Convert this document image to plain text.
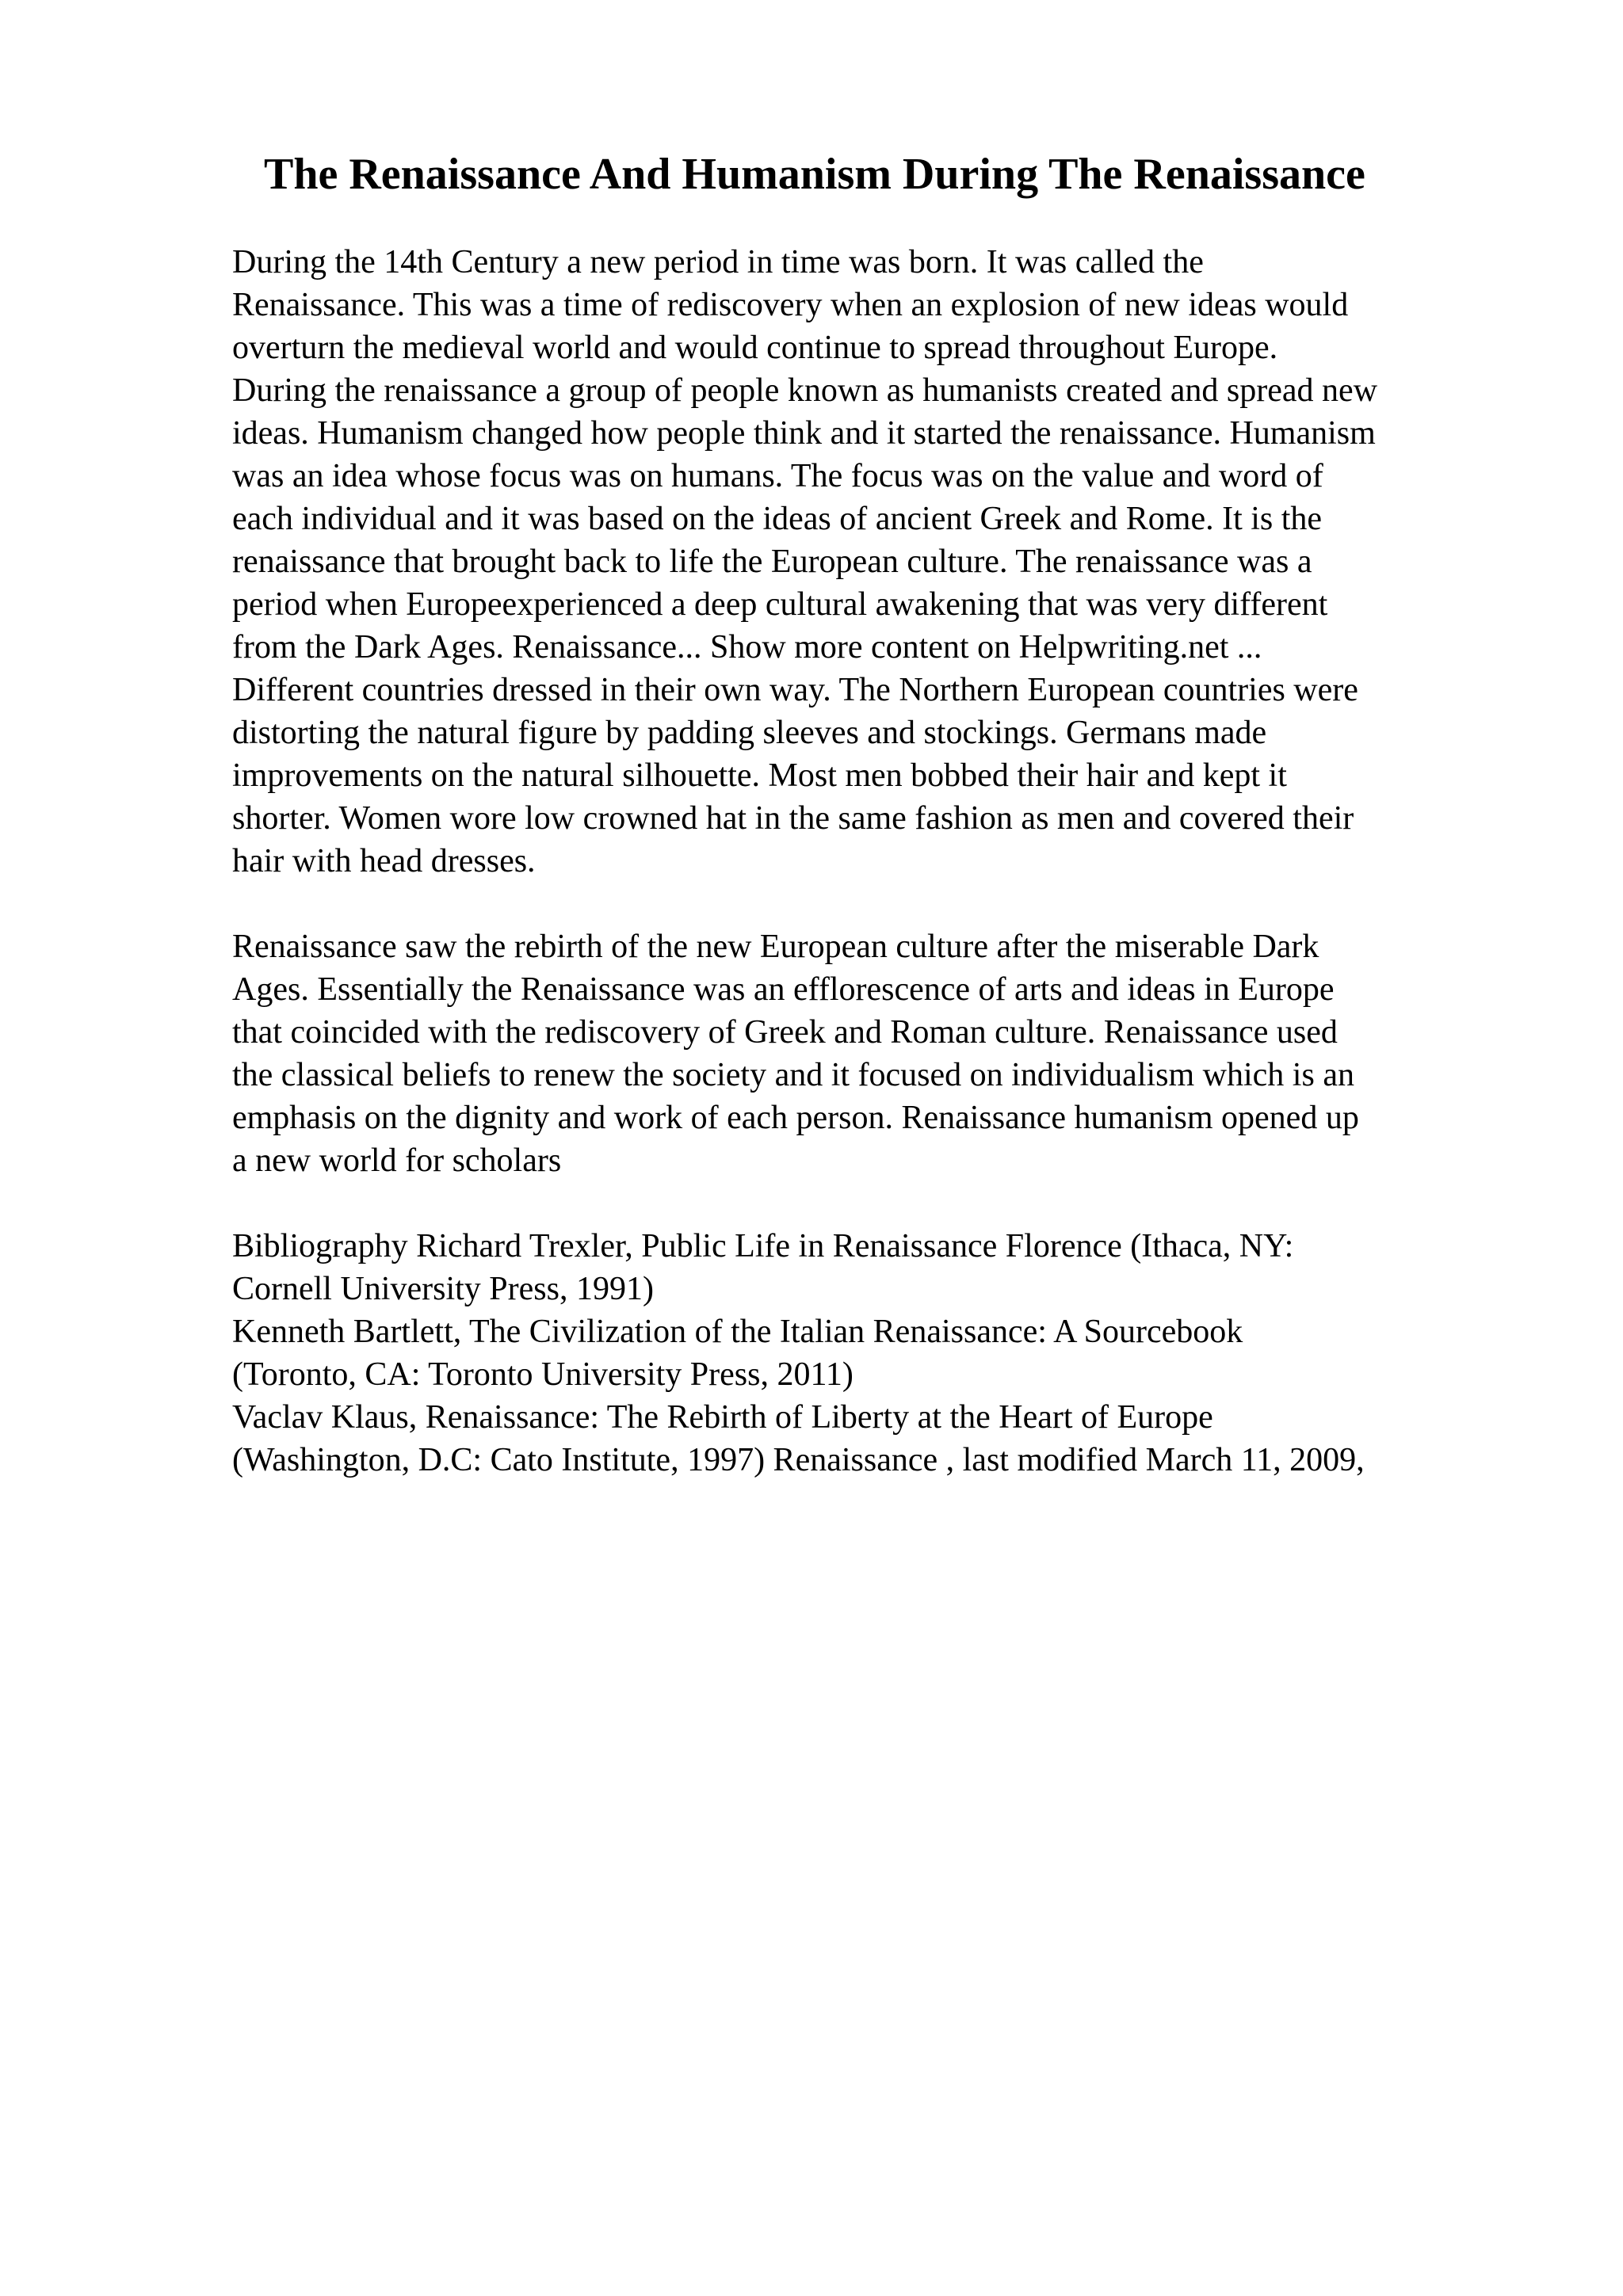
The Renaissance And Humanism During The Renaissance
During the 14th Century a new period in time was born. It was called the
Renaissance. This was a time of rediscovery when an explosion of new ideas would
overturn the medieval world and would continue to spread throughout Europe.
During the renaissance a group of people known as humanists created and spread new
ideas. Humanism changed how people think and it started the renaissance. Humanism
was an idea whose focus was on humans. The focus was on the value and word of
each individual and it was based on the ideas of ancient Greek and Rome. It is the
renaissance that brought back to life the European culture. The renaissance was a
period when Europeexperienced a deep cultural awakening that was very different
from the Dark Ages. Renaissance... Show more content on Helpwriting.net ...
Different countries dressed in their own way. The Northern European countries were
distorting the natural figure by padding sleeves and stockings. Germans made
improvements on the natural silhouette. Most men bobbed their hair and kept it
shorter. Women wore low crowned hat in the same fashion as men and covered their
hair with head dresses.
Renaissance saw the rebirth of the new European culture after the miserable Dark
Ages. Essentially the Renaissance was an efflorescence of arts and ideas in Europe
that coincided with the rediscovery of Greek and Roman culture. Renaissance used
the classical beliefs to renew the society and it focused on individualism which is an
emphasis on the dignity and work of each person. Renaissance humanism opened up
a new world for scholars
Bibliography Richard Trexler, Public Life in Renaissance Florence (Ithaca, NY:
Cornell University Press, 1991)
Kenneth Bartlett, The Civilization of the Italian Renaissance: A Sourcebook
(Toronto, CA: Toronto University Press, 2011)
Vaclav Klaus, Renaissance: The Rebirth of Liberty at the Heart of Europe
(Washington, D.C: Cato Institute, 1997) Renaissance , last modified March 11, 2009,
